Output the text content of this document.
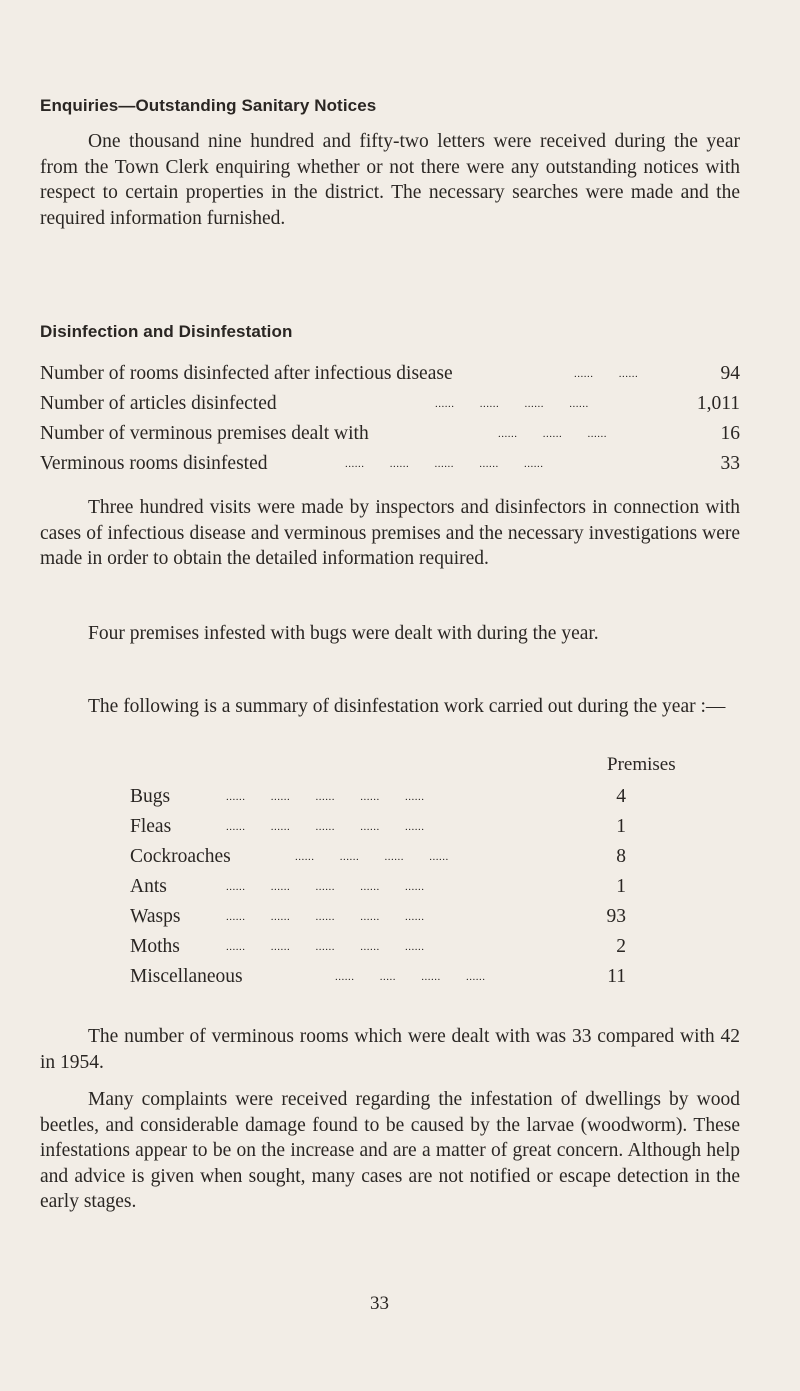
Enquiries—Outstanding Sanitary Notices

One thousand nine hundred and fifty-two letters were received during the year from the Town Clerk enquiring whether or not there were any outstanding notices with respect to certain properties in the district. The necessary searches were made and the required information furnished.

Disinfection and Disinfestation
Number of rooms disinfected after infectious disease	...... ......	94
Number of articles disinfected	...... ...... ...... ......	1,011
Number of verminous premises dealt with	...... ...... ......	16
Verminous rooms disinfested	...... ...... ...... ...... ......	33

Three hundred visits were made by inspectors and disinfectors in connection with cases of infectious disease and verminous premises and the necessary investigations were made in order to obtain the detailed information required.

Four premises infested with bugs were dealt with during the year.

The following is a summary of disinfestation work carried out during the year :—

Premises
Bugs	...... ...... ...... ...... ......	4
Fleas	...... ...... ...... ...... ......	1
Cockroaches	...... ...... ...... ......	8
Ants	...... ...... ...... ...... ......	1
Wasps	...... ...... ...... ...... ......	93
Moths	...... ...... ...... ...... ......	2
Miscellaneous	...... ..... ...... ......	11

The number of verminous rooms which were dealt with was 33 compared with 42 in 1954.

Many complaints were received regarding the infestation of dwellings by wood beetles, and considerable damage found to be caused by the larvae (woodworm). These infestations appear to be on the increase and are a matter of great concern. Although help and advice is given when sought, many cases are not notified or escape detection in the early stages.

33
